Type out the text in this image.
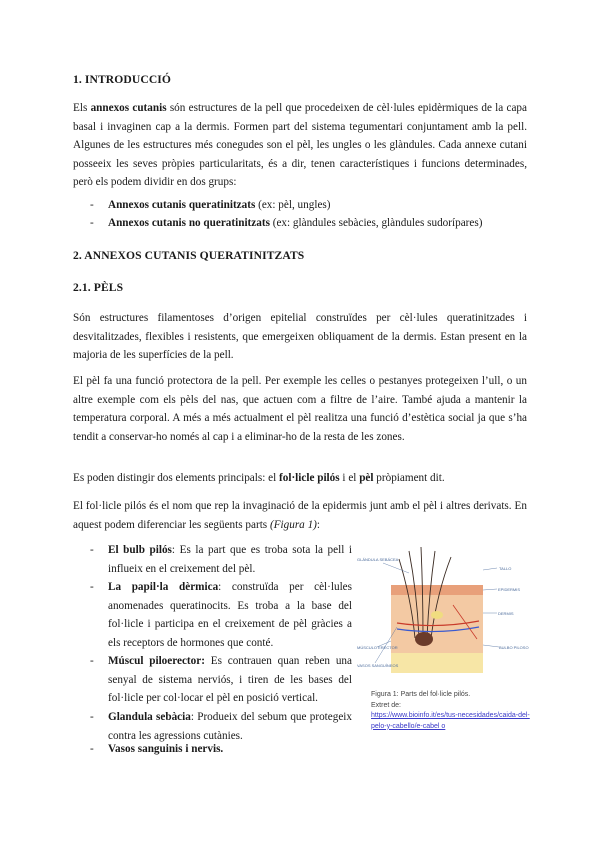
1. INTRODUCCIÓ
Els annexos cutanis són estructures de la pell que procedeixen de cèl·lules epidèrmiques de la capa basal i invaginen cap a la dermis. Formen part del sistema tegumentari conjuntament amb la pell. Algunes de les estructures més conegudes son el pèl, les ungles o les glàndules. Cada annexe cutani posseeix les seves pròpies particularitats, és a dir, tenen característiques i funcions determinades, però els podem dividir en dos grups:
- Annexos cutanis queratinitzats (ex: pèl, ungles)
- Annexos cutanis no queratinitzats (ex: glàndules sebàcies, glàndules sudorípares)
2. ANNEXOS CUTANIS QUERATINITZATS
2.1. PÈLS
Són estructures filamentoses d’origen epitelial construïdes per cèl·lules queratinitzades i desvitalitzades, flexibles i resistents, que emergeixen obliquament de la dermis. Estan present en la majoria de les superfícies de la pell.
El pèl fa una funció protectora de la pell. Per exemple les celles o pestanyes protegeixen l’ull, o un altre exemple com els pèls del nas, que actuen com a filtre de l’aire. També ajuda a mantenir la temperatura corporal. A més a més actualment el pèl realitza una funció d’estètica social ja que s’ha tendit a conservar-ho només al cap i a eliminar-ho de la resta de les zones.
Es poden distingir dos elements principals: el fol·licle pilós i el pèl pròpiament dit.
El fol·licle pilós és el nom que rep la invaginació de la epidermis junt amb el pèl i altres derivats. En aquest podem diferenciar les següents parts (Figura 1):
- El bulb pilós: Es la part que es troba sota la pell i influeix en el creixement del pèl.
- La papil·la dèrmica: construïda per cèl·lules anomenades queratinocits. Es troba a la base del fol·licle i participa en el creixement de pèl gràcies a els receptors de hormones que conté.
- Múscul piloerector: Es contrauen quan reben una senyal de sistema nerviós, i tiren de les bases del fol·licle per col·locar el pèl en posició vertical.
- Glandula sebàcia: Produeix del sebum que protegeix contra les agressions cutànies.
- Vasos sanguinis i nervis.
GLÁNDULA SEBÁCEA
TALLO
EPIDERMIS
DERMIS
MÚSCULO ERECTOR	BULBO PILOSO
VASOS SANGUÍNEOS
Figura 1: Parts del fol·licle pilós.
Extret de:
https://www.bioinfo.it/es/tus-necesidades/caida-del-pelo-y-cabello/e-cabel o
